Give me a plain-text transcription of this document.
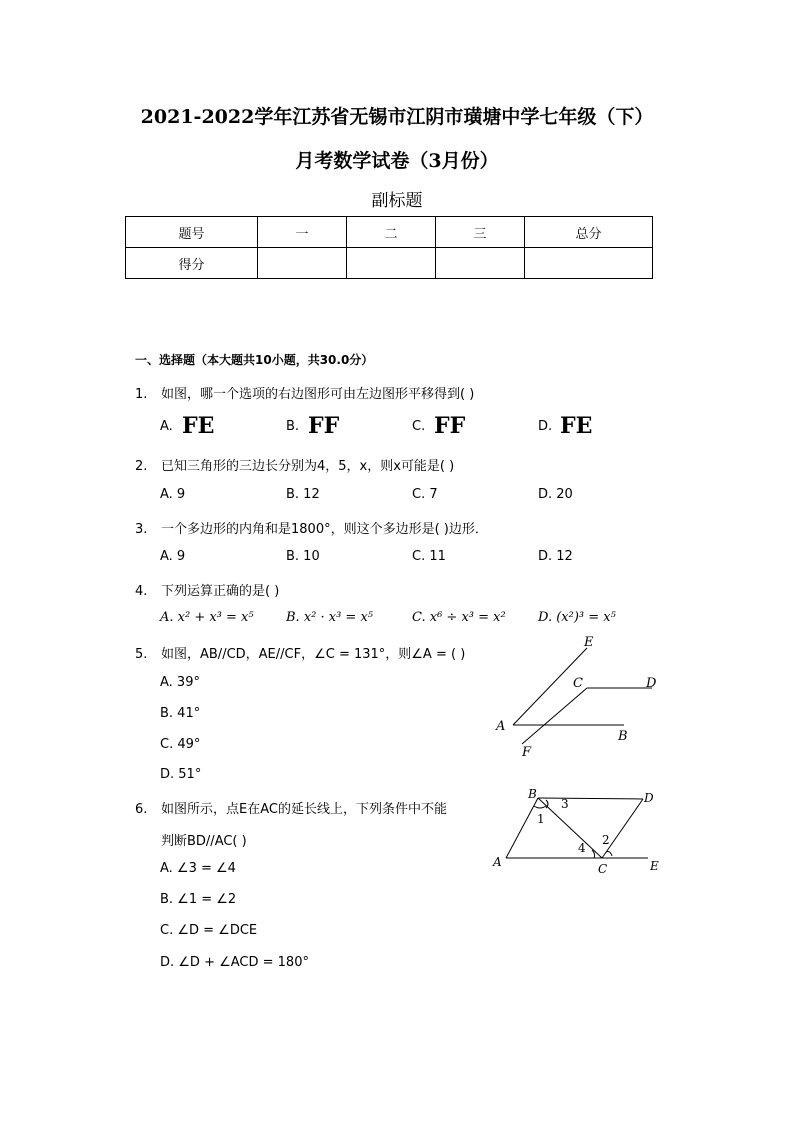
2021-2022学年江苏省无锡市江阴市璜塘中学七年级（下）
月考数学试卷（3月份）
副标题
题号	一	二	三	总分
得分				
一、选择题（本大题共10小题，共30.0分）
1. 如图，哪一个选项的右边图形可由左边图形平移得到( )
A. FE	B. FF	C. FF	D. FE
2. 已知三角形的三边长分别为4，5，x，则x可能是( )
A. 9	B. 12	C. 7	D. 20
3. 一个多边形的内角和是1800°，则这个多边形是( )边形．
A. 9	B. 10	C. 11	D. 12
4. 下列运算正确的是( )
A. x² + x³ = x⁵ B. x² · x³ = x⁵	C. x⁶ ÷ x³ = x² D. (x²)³ = x⁵
5. 如图，AB//CD，AE//CF，∠C = 131°，则∠A = ( )
A. 39°
B. 41°
C. 49°
D. 51°
E
C	D
A
B
F
6. 如图所示，点E在AC的延长线上，下列条件中不能
判断BD//AC( )
A. ∠3 = ∠4
B. ∠1 = ∠2
C. ∠D = ∠DCE
D. ∠D + ∠ACD = 180°
B	D
A	C	E
1
2
3
4
